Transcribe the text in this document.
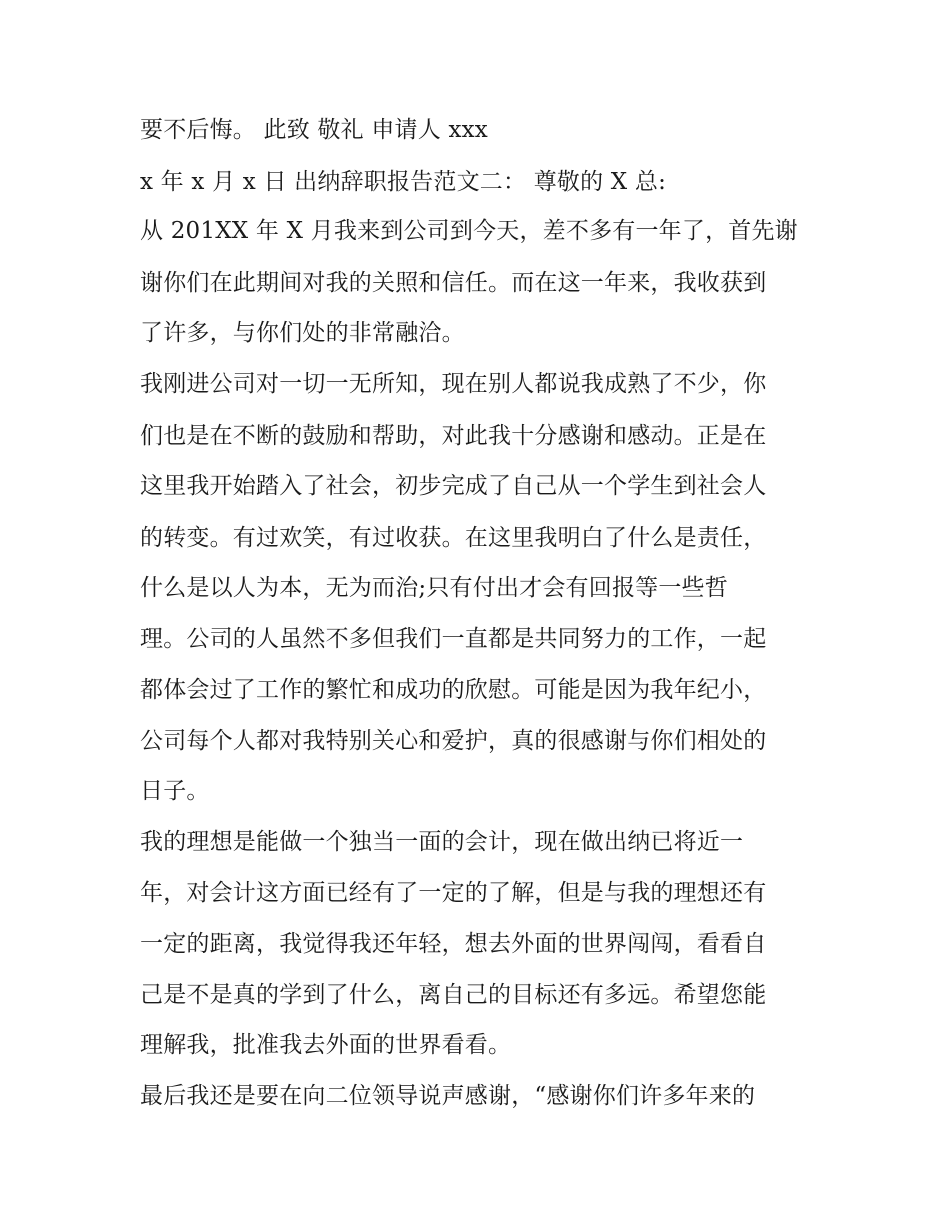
要不后悔。 此致 敬礼 申请人 xxx
x 年 x 月 x 日 出纳辞职报告范文二： 尊敬的 X 总:
从 201XX 年 X 月我来到公司到今天，差不多有一年了，首先谢
谢你们在此期间对我的关照和信任。而在这一年来，我收获到
了许多，与你们处的非常融洽。
我刚进公司对一切一无所知，现在别人都说我成熟了不少，你
们也是在不断的鼓励和帮助，对此我十分感谢和感动。正是在
这里我开始踏入了社会，初步完成了自己从一个学生到社会人
的转变。有过欢笑，有过收获。在这里我明白了什么是责任，
什么是以人为本，无为而治;只有付出才会有回报等一些哲
理。公司的人虽然不多但我们一直都是共同努力的工作，一起
都体会过了工作的繁忙和成功的欣慰。可能是因为我年纪小，
公司每个人都对我特别关心和爱护，真的很感谢与你们相处的
日子。
我的理想是能做一个独当一面的会计，现在做出纳已将近一
年，对会计这方面已经有了一定的了解，但是与我的理想还有
一定的距离，我觉得我还年轻，想去外面的世界闯闯，看看自
己是不是真的学到了什么，离自己的目标还有多远。希望您能
理解我，批准我去外面的世界看看。
最后我还是要在向二位领导说声感谢，“感谢你们许多年来的
